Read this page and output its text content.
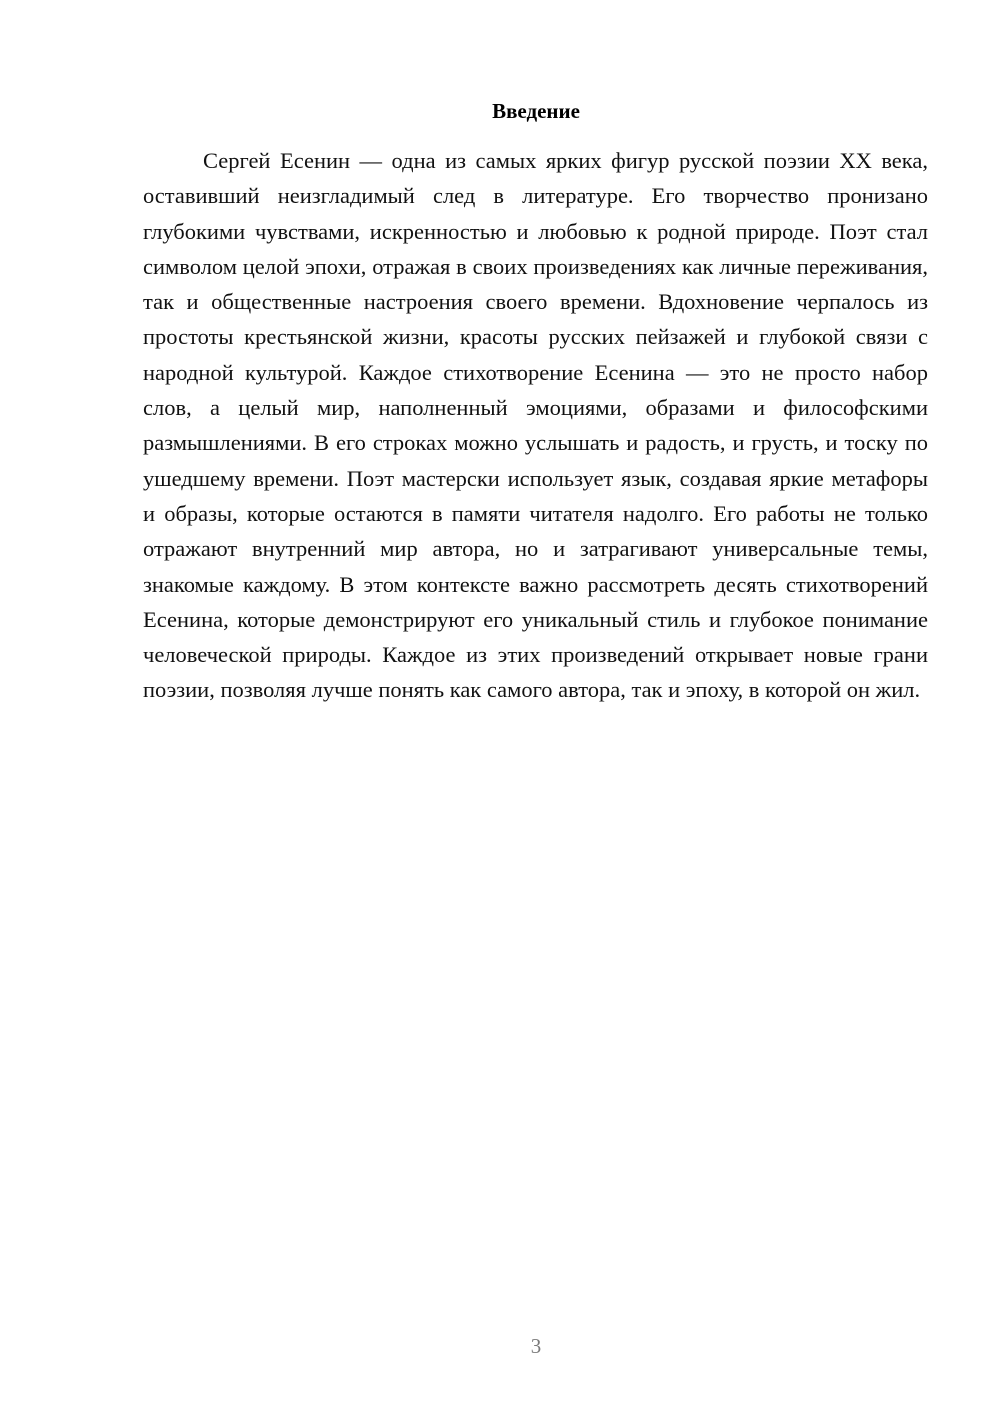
Введение

Сергей Есенин — одна из самых ярких фигур русской поэзии XX века, оставивший неизгладимый след в литературе. Его творчество пронизано глубокими чувствами, искренностью и любовью к родной природе. Поэт стал символом целой эпохи, отражая в своих произведениях как личные переживания, так и общественные настроения своего времени. Вдохновение черпалось из простоты крестьянской жизни, красоты русских пейзажей и глубокой связи с народной культурой. Каждое стихотворение Есенина — это не просто набор слов, а целый мир, наполненный эмоциями, образами и философскими размышлениями. В его строках можно услышать и радость, и грусть, и тоску по ушедшему времени. Поэт мастерски использует язык, создавая яркие метафоры и образы, которые остаются в памяти читателя надолго. Его работы не только отражают внутренний мир автора, но и затрагивают универсальные темы, знакомые каждому. В этом контексте важно рассмотреть десять стихотворений Есенина, которые демонстрируют его уникальный стиль и глубокое понимание человеческой природы. Каждое из этих произведений открывает новые грани поэзии, позволяя лучше понять как самого автора, так и эпоху, в которой он жил.

3
